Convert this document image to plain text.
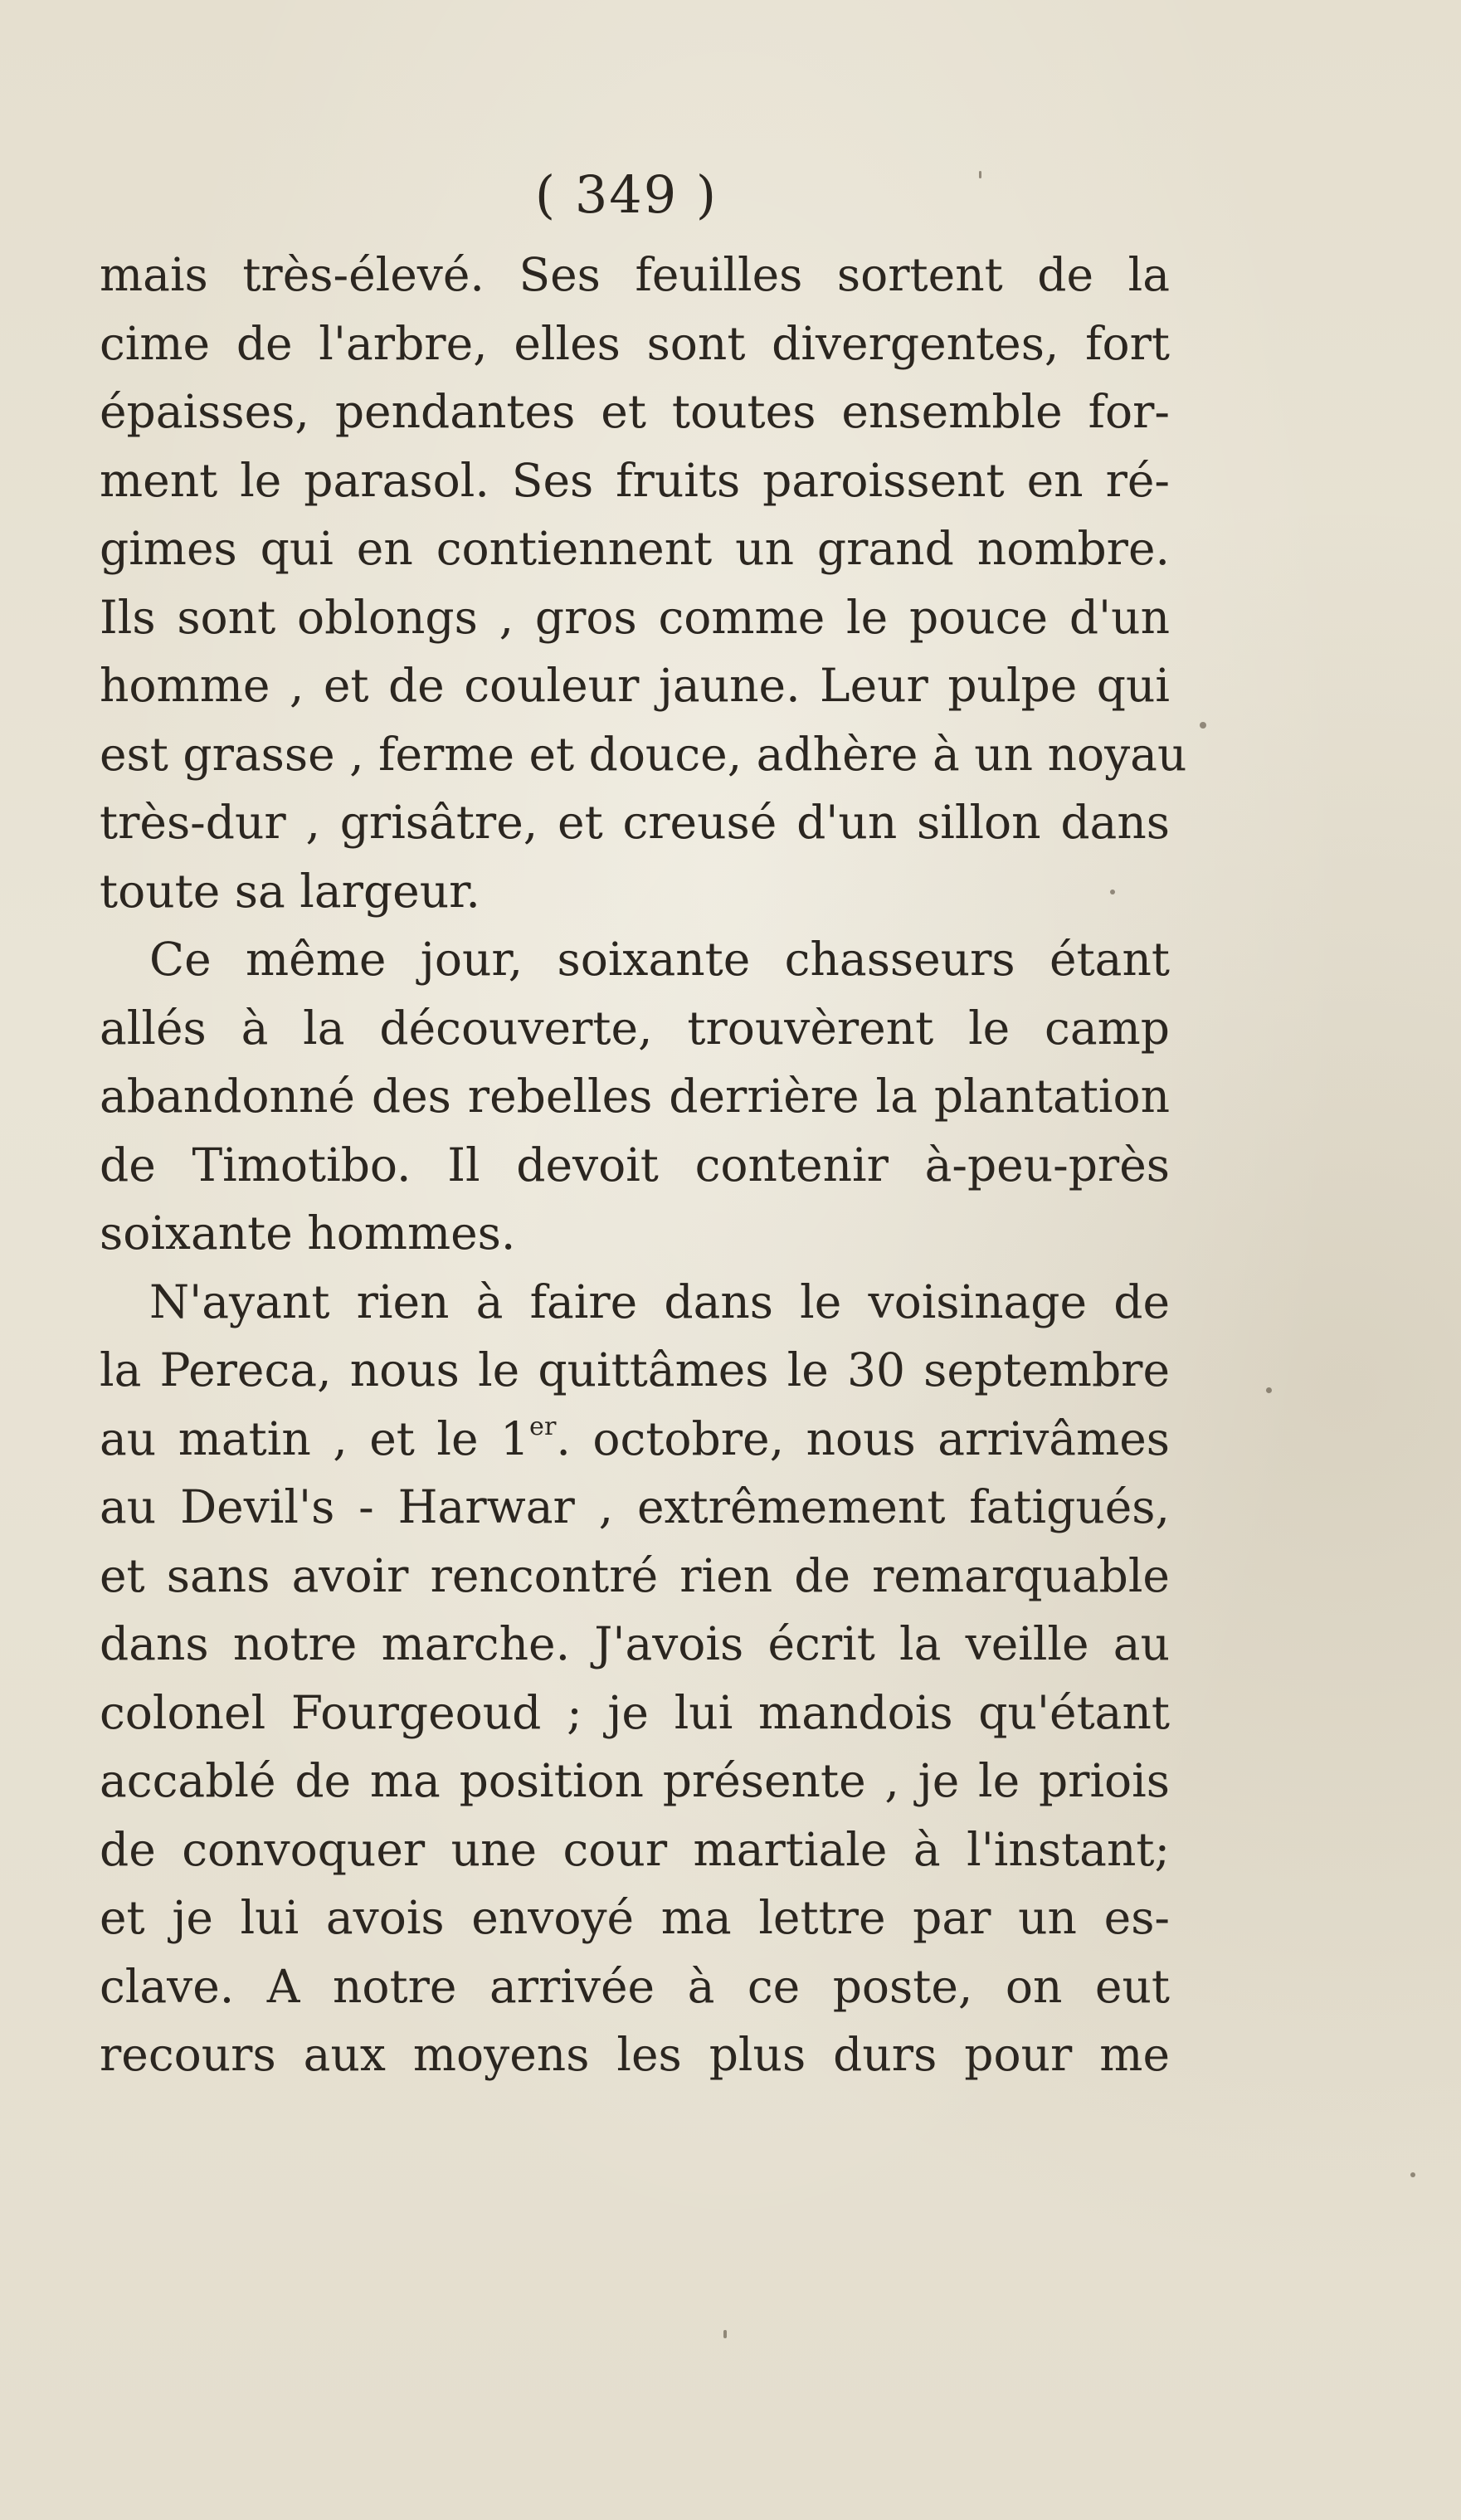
( 349 )
mais très-élevé. Ses feuilles sortent de la
cime de l'arbre, elles sont divergentes, fort
épaisses, pendantes et toutes ensemble for-
ment le parasol. Ses fruits paroissent en ré-
gimes qui en contiennent un grand nombre.
Ils sont oblongs , gros comme le pouce d'un
homme , et de couleur jaune. Leur pulpe qui
est grasse , ferme et douce, adhère à un noyau
très-dur , grisâtre, et creusé d'un sillon dans
toute sa largeur.
Ce même jour, soixante chasseurs étant
allés à la découverte, trouvèrent le camp
abandonné des rebelles derrière la plantation
de Timotibo. Il devoit contenir à-peu-près
soixante hommes.
N'ayant rien à faire dans le voisinage de
la Pereca, nous le quittâmes le 30 septembre
au matin , et le 1er. octobre, nous arrivâmes
au Devil's - Harwar , extrêmement fatigués,
et sans avoir rencontré rien de remarquable
dans notre marche. J'avois écrit la veille au
colonel Fourgeoud ; je lui mandois qu'étant
accablé de ma position présente , je le priois
de convoquer une cour martiale à l'instant;
et je lui avois envoyé ma lettre par un es-
clave. A notre arrivée à ce poste, on eut
recours aux moyens les plus durs pour me
